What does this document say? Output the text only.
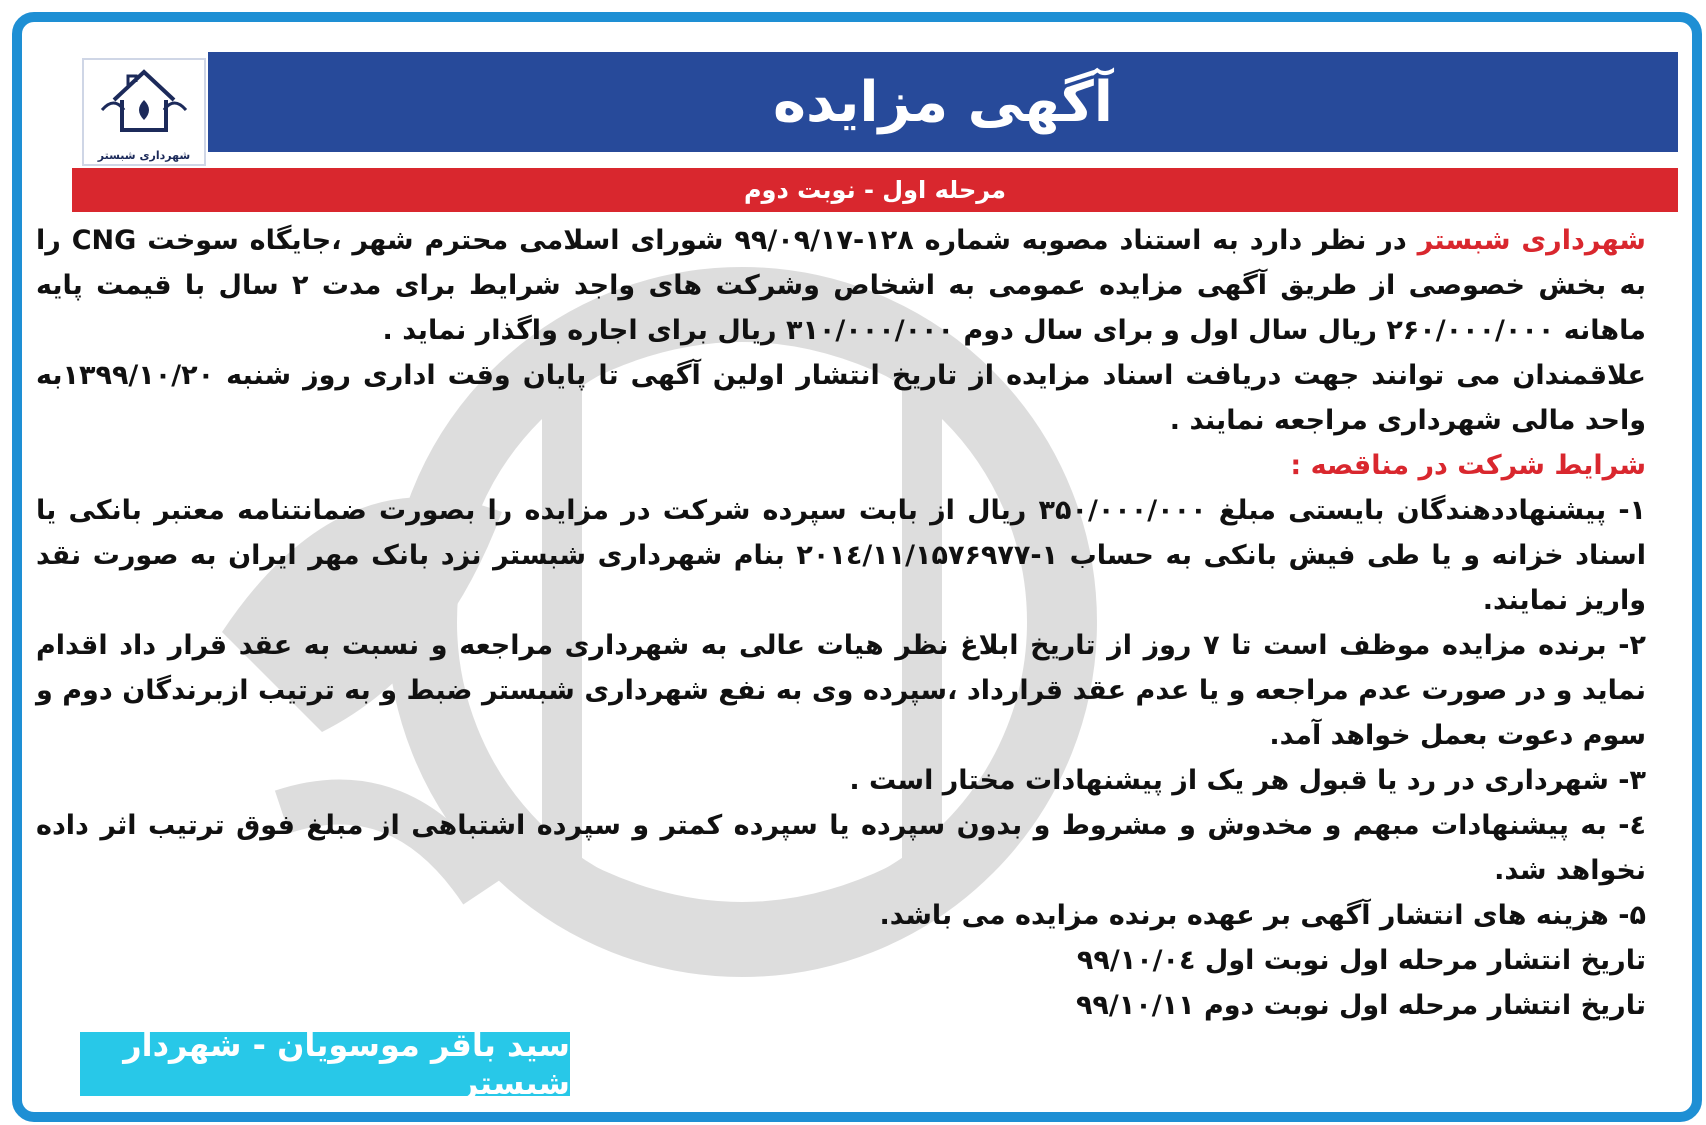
شهرداری شبستر
آگهی مزایده
مرحله اول - نوبت دوم

شهرداری شبستر در نظر دارد به استناد مصوبه شماره ۱۲۸-۹۹/۰۹/۱۷ شورای اسلامی محترم شهر ،جایگاه سوخت CNG را به بخش خصوصی از طریق آگهی مزایده عمومی به اشخاص وشرکت های واجد شرایط برای مدت ۲ سال با قیمت پایه ماهانه ۲۶۰/۰۰۰/۰۰۰ ریال سال اول و برای سال دوم ۳۱۰/۰۰۰/۰۰۰ ریال برای اجاره واگذار نماید .

علاقمندان می توانند جهت دریافت اسناد مزایده از تاریخ انتشار اولین آگهی تا پایان وقت اداری روز شنبه ۱۳۹۹/۱۰/۲۰به واحد مالی شهرداری مراجعه نمایند .

شرایط شرکت در مناقصه :

۱- پیشنهاددهندگان بایستی مبلغ ۳۵۰/۰۰۰/۰۰۰ ریال از بابت سپرده شرکت در مزایده را بصورت ضمانتنامه معتبر بانکی یا اسناد خزانه و یا طی فیش بانکی به حساب ۱-۲۰۱٤/۱۱/۱۵۷۶۹۷۷ بنام شهرداری شبستر نزد بانک مهر ایران به صورت نقد واریز نمایند.

۲- برنده مزایده موظف است تا ۷ روز از تاریخ ابلاغ نظر هیات عالی به شهرداری مراجعه و نسبت به عقد قرار داد اقدام نماید و در صورت عدم مراجعه و یا عدم عقد قرارداد ،سپرده وی به نفع شهرداری شبستر ضبط و به ترتیب ازبرندگان دوم و سوم دعوت بعمل خواهد آمد.

۳- شهرداری در رد یا قبول هر یک از پیشنهادات مختار است .

٤- به پیشنهادات مبهم و مخدوش و مشروط و بدون سپرده یا سپرده کمتر و سپرده اشتباهی از مبلغ فوق ترتیب اثر داده نخواهد شد.

۵- هزینه های انتشار آگهی بر عهده برنده مزایده می باشد.

تاریخ انتشار مرحله اول نوبت اول ۹۹/۱۰/۰٤
تاریخ انتشار مرحله اول نوبت دوم ۹۹/۱۰/۱۱
سید باقر موسویان - شهردار شبستر
